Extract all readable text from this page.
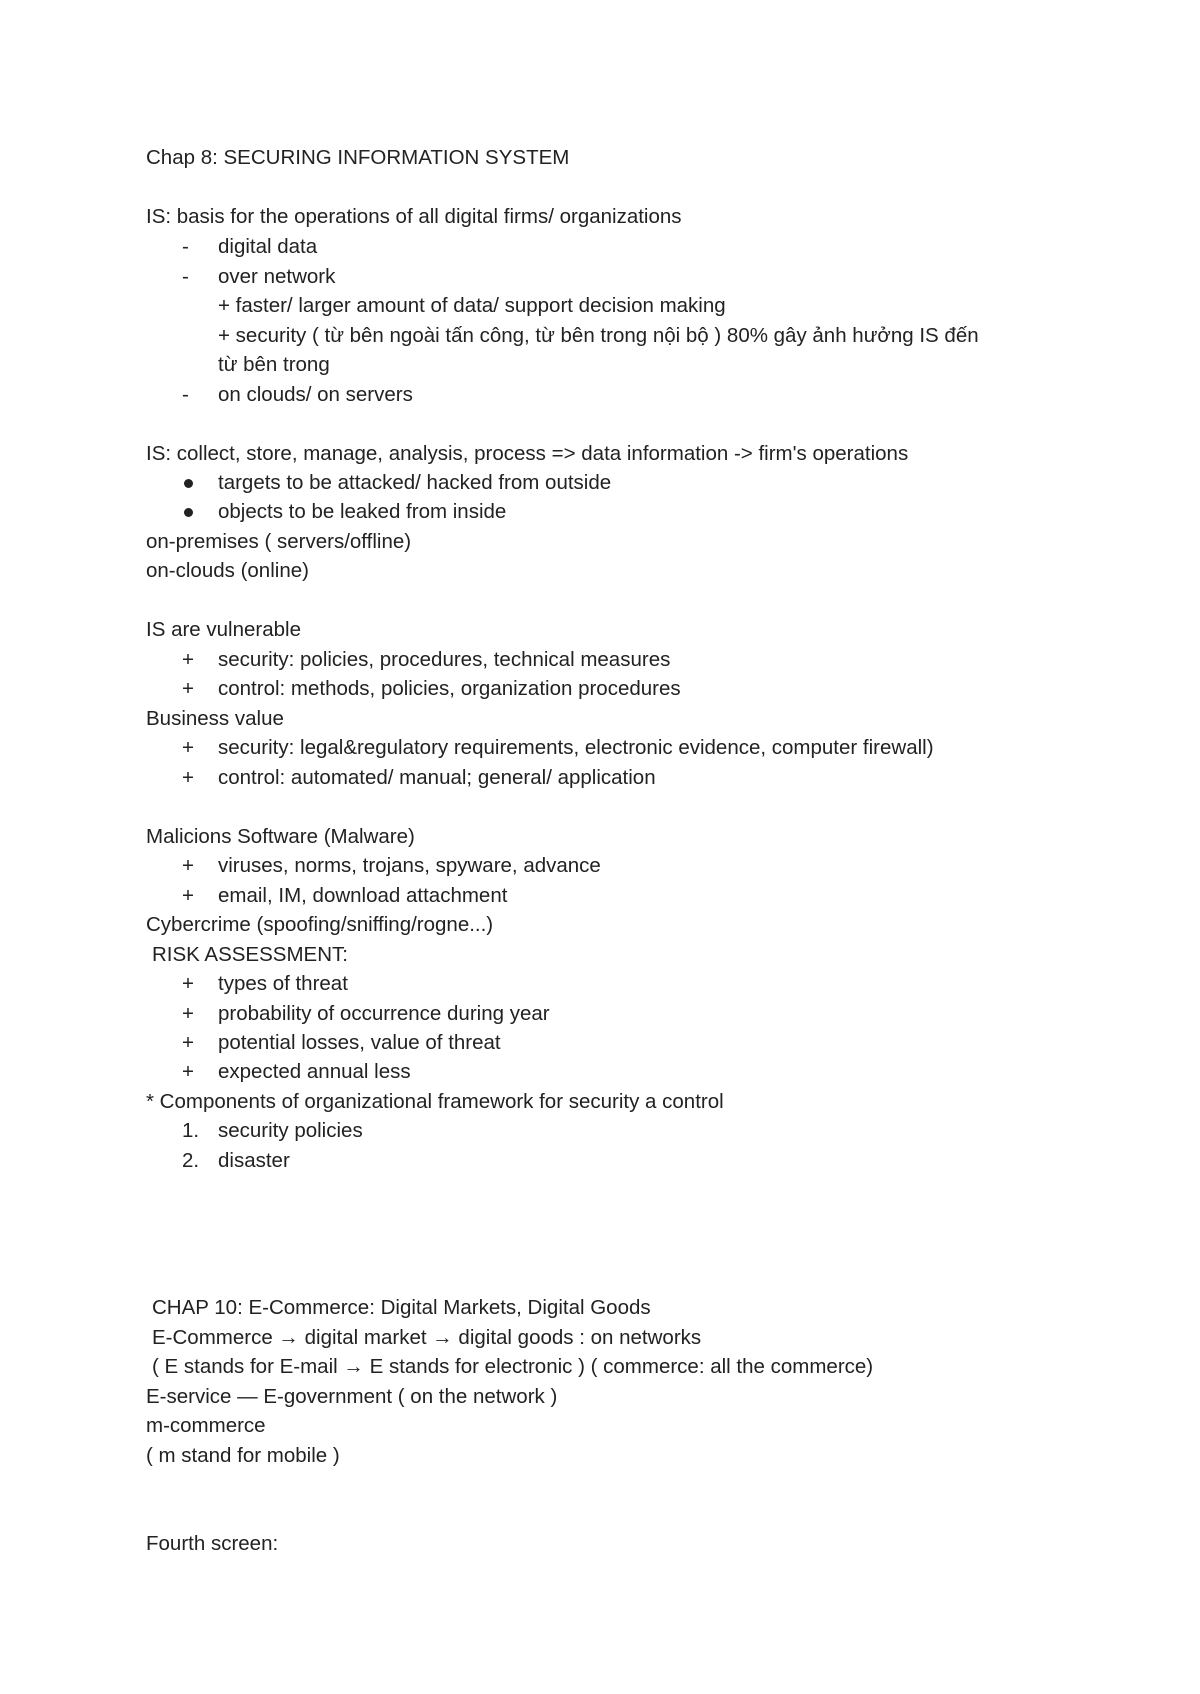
Chap 8: SECURING INFORMATION SYSTEM
IS: basis for the operations of all digital firms/ organizations
- digital data
- over network
+ faster/ larger amount of data/ support decision making
+ security ( từ bên ngoài tấn công, từ bên trong nội bộ ) 80% gây ảnh hưởng IS đến
từ bên trong
- on clouds/ on servers
IS: collect, store, manage, analysis, process => data information -> firm's operations
targets to be attacked/ hacked from outside
objects to be leaked from inside
on-premises ( servers/offline)
on-clouds (online)
IS are vulnerable
+ security: policies, procedures, technical measures
+ control: methods, policies, organization procedures
Business value
+ security: legal&regulatory requirements, electronic evidence, computer firewall)
+ control: automated/ manual; general/ application
Malicions Software (Malware)
+ viruses, norms, trojans, spyware, advance
+ email, IM, download attachment
Cybercrime (spoofing/sniffing/rogne...)
RISK ASSESSMENT:
+ types of threat
+ probability of occurrence during year
+ potential losses, value of threat
+ expected annual less
* Components of organizational framework for security a control
1. security policies
2. disaster
CHAP 10: E-Commerce: Digital Markets, Digital Goods
E-Commerce → digital market → digital goods : on networks
( E stands for E-mail → E stands for electronic ) ( commerce: all the commerce)
E-service — E-government ( on the network )
m-commerce
( m stand for mobile )
Fourth screen:
